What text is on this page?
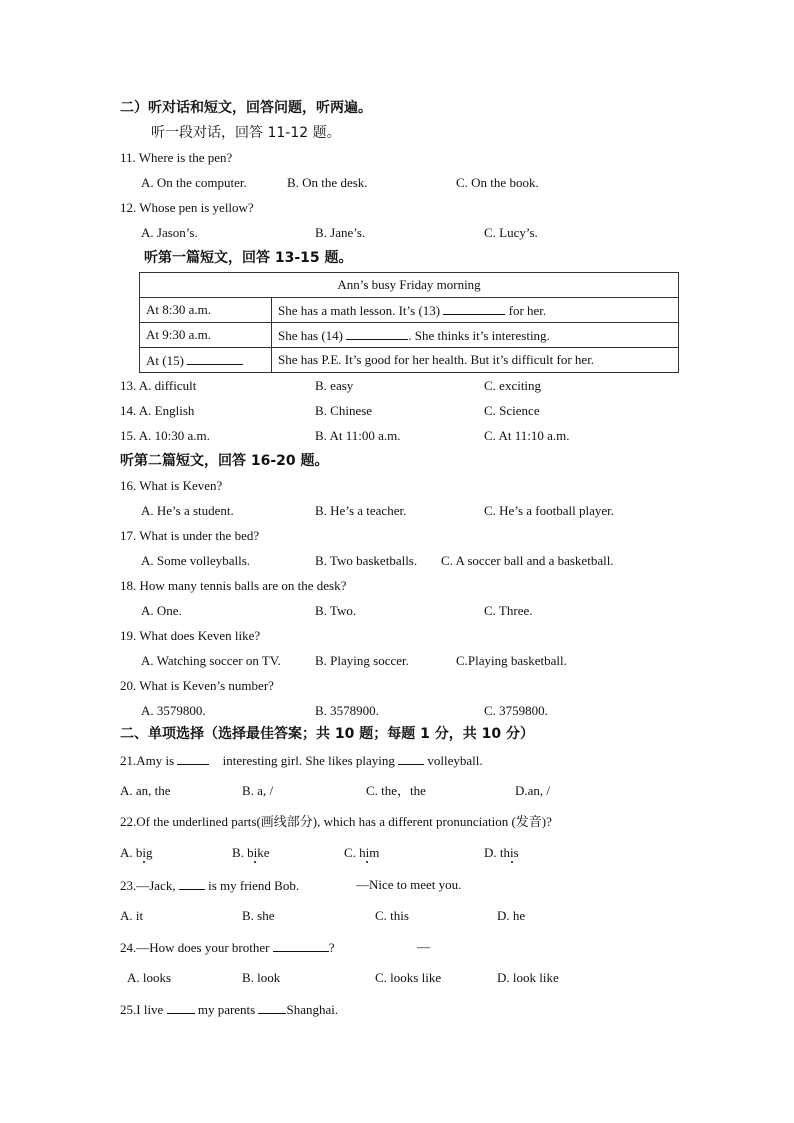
二）听对话和短文，回答问题，听两遍。
听一段对话，回答 11-12 题。
11. Where is the pen?
A. On the computer.	B. On the desk.	C. On the book.
12. Whose pen is yellow?
A. Jason’s.	B. Jane’s.	C. Lucy’s.
听第一篇短文，回答 13-15 题。
Ann’s busy Friday morning	
At 8:30 a.m.	She has a math lesson. It’s (13) for her.
At 9:30 a.m.	She has (14) . She thinks it’s interesting.
At (15)	She has P.E. It’s good for her health. But it’s difficult for her.
13. A. difficult	B. easy	C. exciting
14. A. English	B. Chinese	C. Science
15. A. 10:30 a.m.	B. At 11:00 a.m.	C. At 11:10 a.m.
听第二篇短文，回答 16-20 题。
16. What is Keven?
A. He’s a student.	B. He’s a teacher.	C. He’s a football player.
17. What is under the bed?
A. Some volleyballs.	B. Two basketballs. C. A soccer ball and a basketball.
18. How many tennis balls are on the desk?
A. One.	B. Two.	C. Three.
19. What does Keven like?
A. Watching soccer on TV.	B. Playing soccer.	C.Playing basketball.
20. What is Keven’s number?
A. 3579800.	B. 3578900.	C. 3759800.
二、单项选择（选择最佳答案；共 10 题；每题 1 分，共 10 分）
21.Amy is	interesting girl. She likes playing  volleyball.
A. an, the	B. a, /	C. the，the	D.an, /
22.Of the underlined parts(画线部分), which has a different pronunciation (发音)?
A. big	B. bike	C. him	D. this
23.—Jack,  is my friend Bob.	—Nice to meet you.
A. it	B. she	C. this	D. he
24.—How does your brother	?	—
A. looks	B. look	C. looks like	D. look like
25.I live  my parents Shanghai.
